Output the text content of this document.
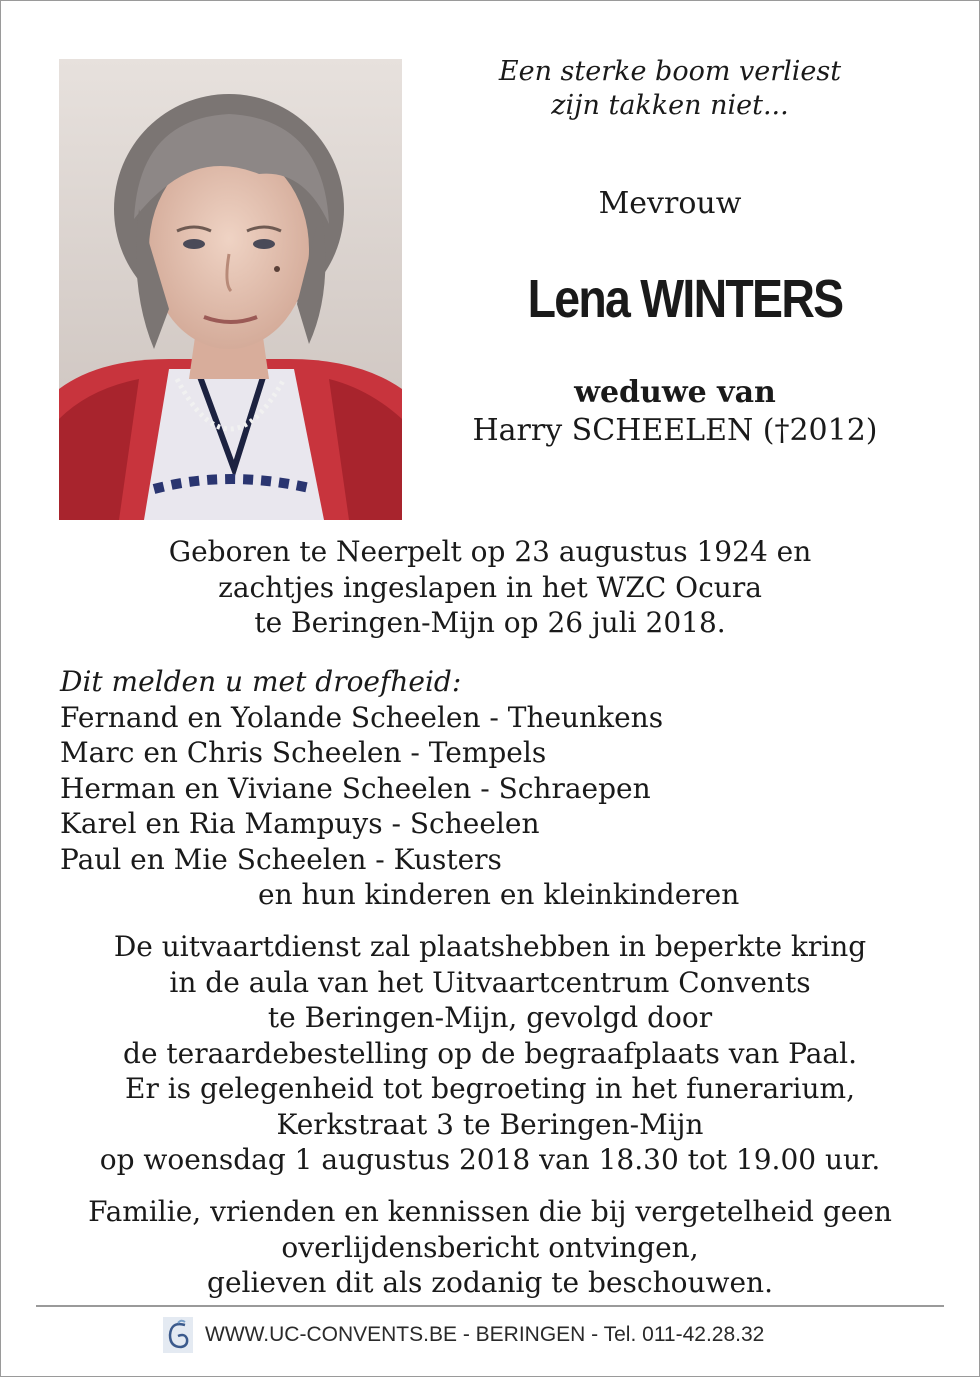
Een sterke boom verliest
zijn takken niet...
Mevrouw
Lena WINTERS
weduwe van
Harry SCHEELEN (†2012)
Geboren te Neerpelt op 23 augustus 1924 en
zachtjes ingeslapen in het WZC Ocura
te Beringen-Mijn op 26 juli 2018.
Dit melden u met droefheid:
Fernand en Yolande Scheelen - Theunkens
Marc en Chris Scheelen - Tempels
Herman en Viviane Scheelen - Schraepen
Karel en Ria Mampuys - Scheelen
Paul en Mie Scheelen - Kusters
en hun kinderen en kleinkinderen
De uitvaartdienst zal plaatshebben in beperkte kring
in de aula van het Uitvaartcentrum Convents
te Beringen-Mijn, gevolgd door
de teraardebestelling op de begraafplaats van Paal.
Er is gelegenheid tot begroeting in het funerarium,
Kerkstraat 3 te Beringen-Mijn
op woensdag 1 augustus 2018 van 18.30 tot 19.00 uur.
Familie, vrienden en kennissen die bij vergetelheid geen
overlijdensbericht ontvingen,
gelieven dit als zodanig te beschouwen.
WWW.UC-CONVENTS.BE - BERINGEN - Tel. 011-42.28.32
